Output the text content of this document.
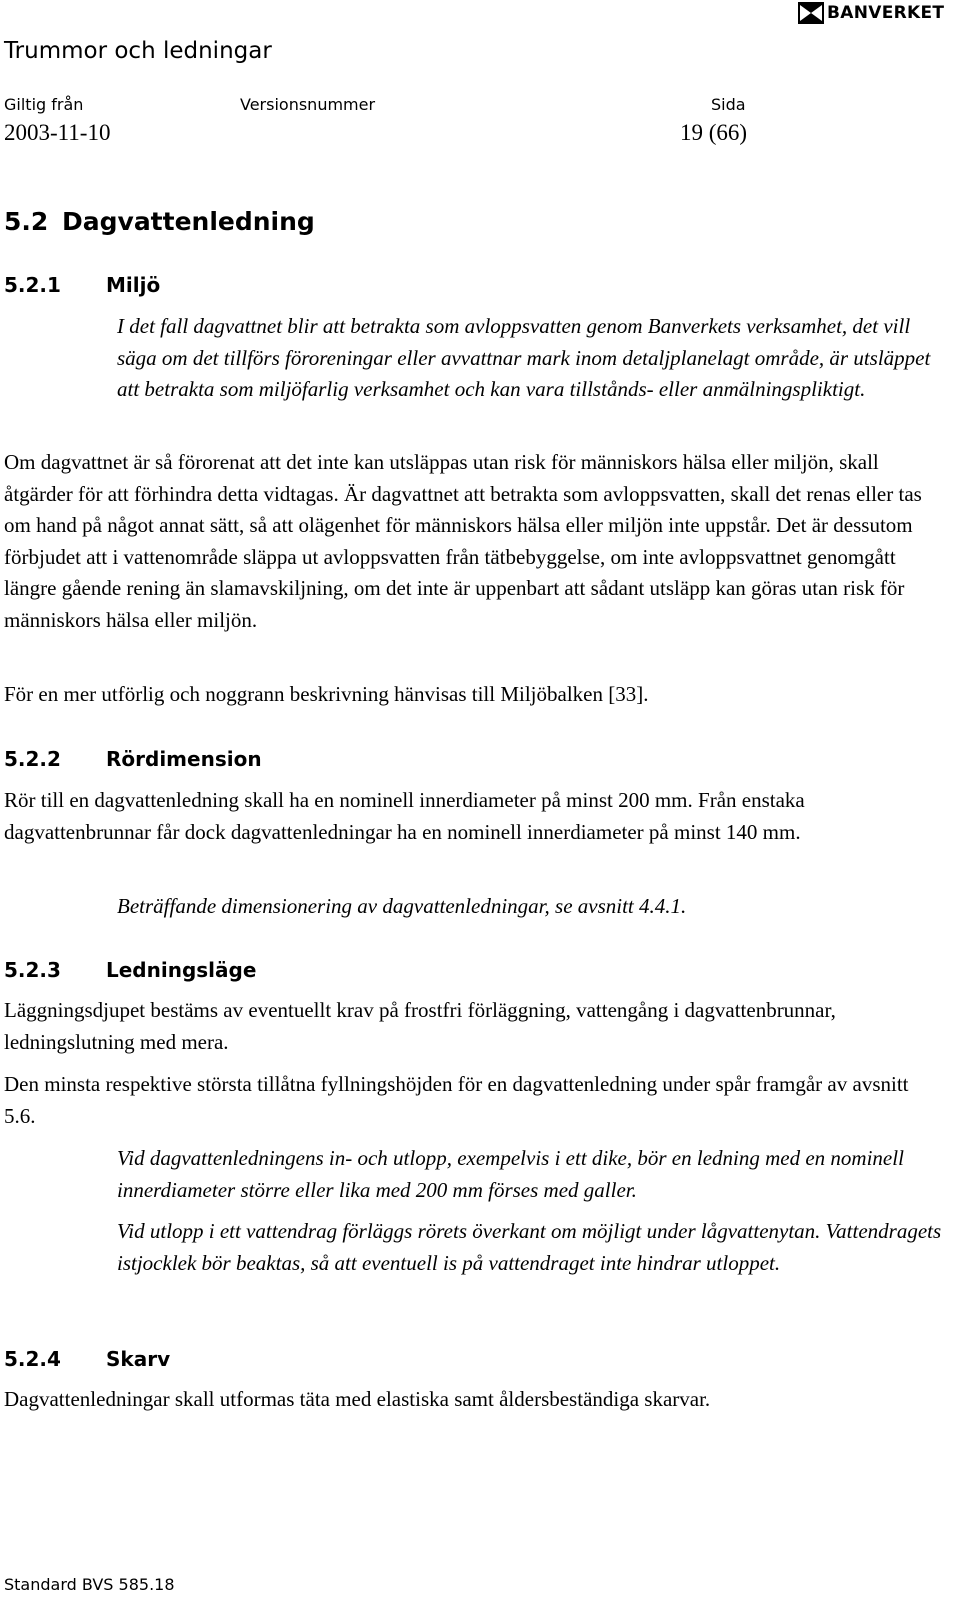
Trummor och ledningar
BANVERKET
Giltig från	Versionsnummer	Sida
2003-11-10	19 (66)
5.2 Dagvattenledning
5.2.1 Miljö

I det fall dagvattnet blir att betrakta som avloppsvatten genom Banverkets verksamhet, det vill säga om det tillförs föroreningar eller avvattnar mark inom detaljplanelagt område, är utsläppet att betrakta som miljöfarlig verksamhet och kan vara tillstånds- eller anmälningspliktigt.

Om dagvattnet är så förorenat att det inte kan utsläppas utan risk för människors hälsa eller miljön, skall åtgärder för att förhindra detta vidtagas. Är dagvattnet att betrakta som avloppsvatten, skall det renas eller tas om hand på något annat sätt, så att olägenhet för människors hälsa eller miljön inte uppstår. Det är dessutom förbjudet att i vattenområde släppa ut avloppsvatten från tätbebyggelse, om inte avloppsvattnet genomgått längre gående rening än slamavskiljning, om det inte är uppenbart att sådant utsläpp kan göras utan risk för människors hälsa eller miljön.

För en mer utförlig och noggrann beskrivning hänvisas till Miljöbalken [33].

5.2.2 Rördimension

Rör till en dagvattenledning skall ha en nominell innerdiameter på minst 200 mm. Från enstaka dagvattenbrunnar får dock dagvattenledningar ha en nominell innerdiameter på minst 140 mm.

Beträffande dimensionering av dagvattenledningar, se avsnitt 4.4.1.

5.2.3 Ledningsläge

Läggningsdjupet bestäms av eventuellt krav på frostfri förläggning, vattengång i dagvattenbrunnar, ledningslutning med mera.

Den minsta respektive största tillåtna fyllningshöjden för en dagvattenledning under spår framgår av avsnitt 5.6.

Vid dagvattenledningens in- och utlopp, exempelvis i ett dike, bör en ledning med en nominell innerdiameter större eller lika med 200 mm förses med galler.

Vid utlopp i ett vattendrag förläggs rörets överkant om möjligt under lågvattenytan. Vattendragets istjocklek bör beaktas, så att eventuell is på vattendraget inte hindrar utloppet.

5.2.4 Skarv

Dagvattenledningar skall utformas täta med elastiska samt åldersbeständiga skarvar.

Standard BVS 585.18
